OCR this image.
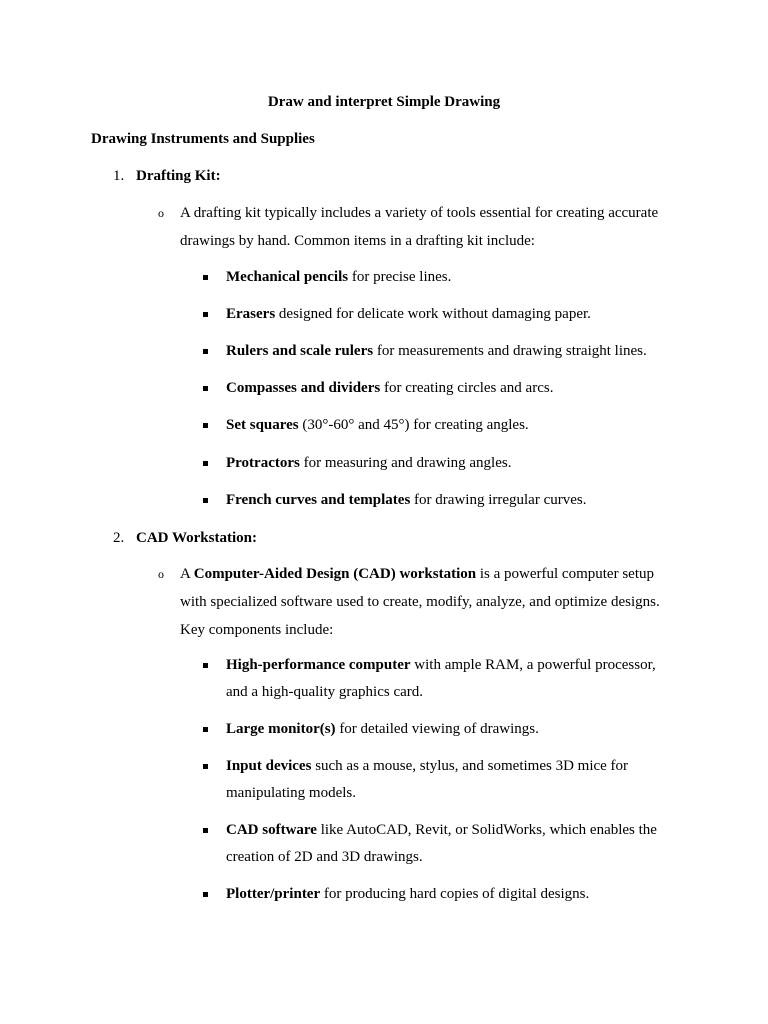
Draw and interpret Simple Drawing
Drawing Instruments and Supplies
1. Drafting Kit:
o A drafting kit typically includes a variety of tools essential for creating accurate
drawings by hand. Common items in a drafting kit include:
Mechanical pencils for precise lines.
Erasers designed for delicate work without damaging paper.
Rulers and scale rulers for measurements and drawing straight lines.
Compasses and dividers for creating circles and arcs.
Set squares (30°-60° and 45°) for creating angles.
Protractors for measuring and drawing angles.
French curves and templates for drawing irregular curves.
2. CAD Workstation:
o A Computer-Aided Design (CAD) workstation is a powerful computer setup
with specialized software used to create, modify, analyze, and optimize designs.
Key components include:
High-performance computer with ample RAM, a powerful processor,
and a high-quality graphics card.
Large monitor(s) for detailed viewing of drawings.
Input devices such as a mouse, stylus, and sometimes 3D mice for
manipulating models.
CAD software like AutoCAD, Revit, or SolidWorks, which enables the
creation of 2D and 3D drawings.
Plotter/printer for producing hard copies of digital designs.
